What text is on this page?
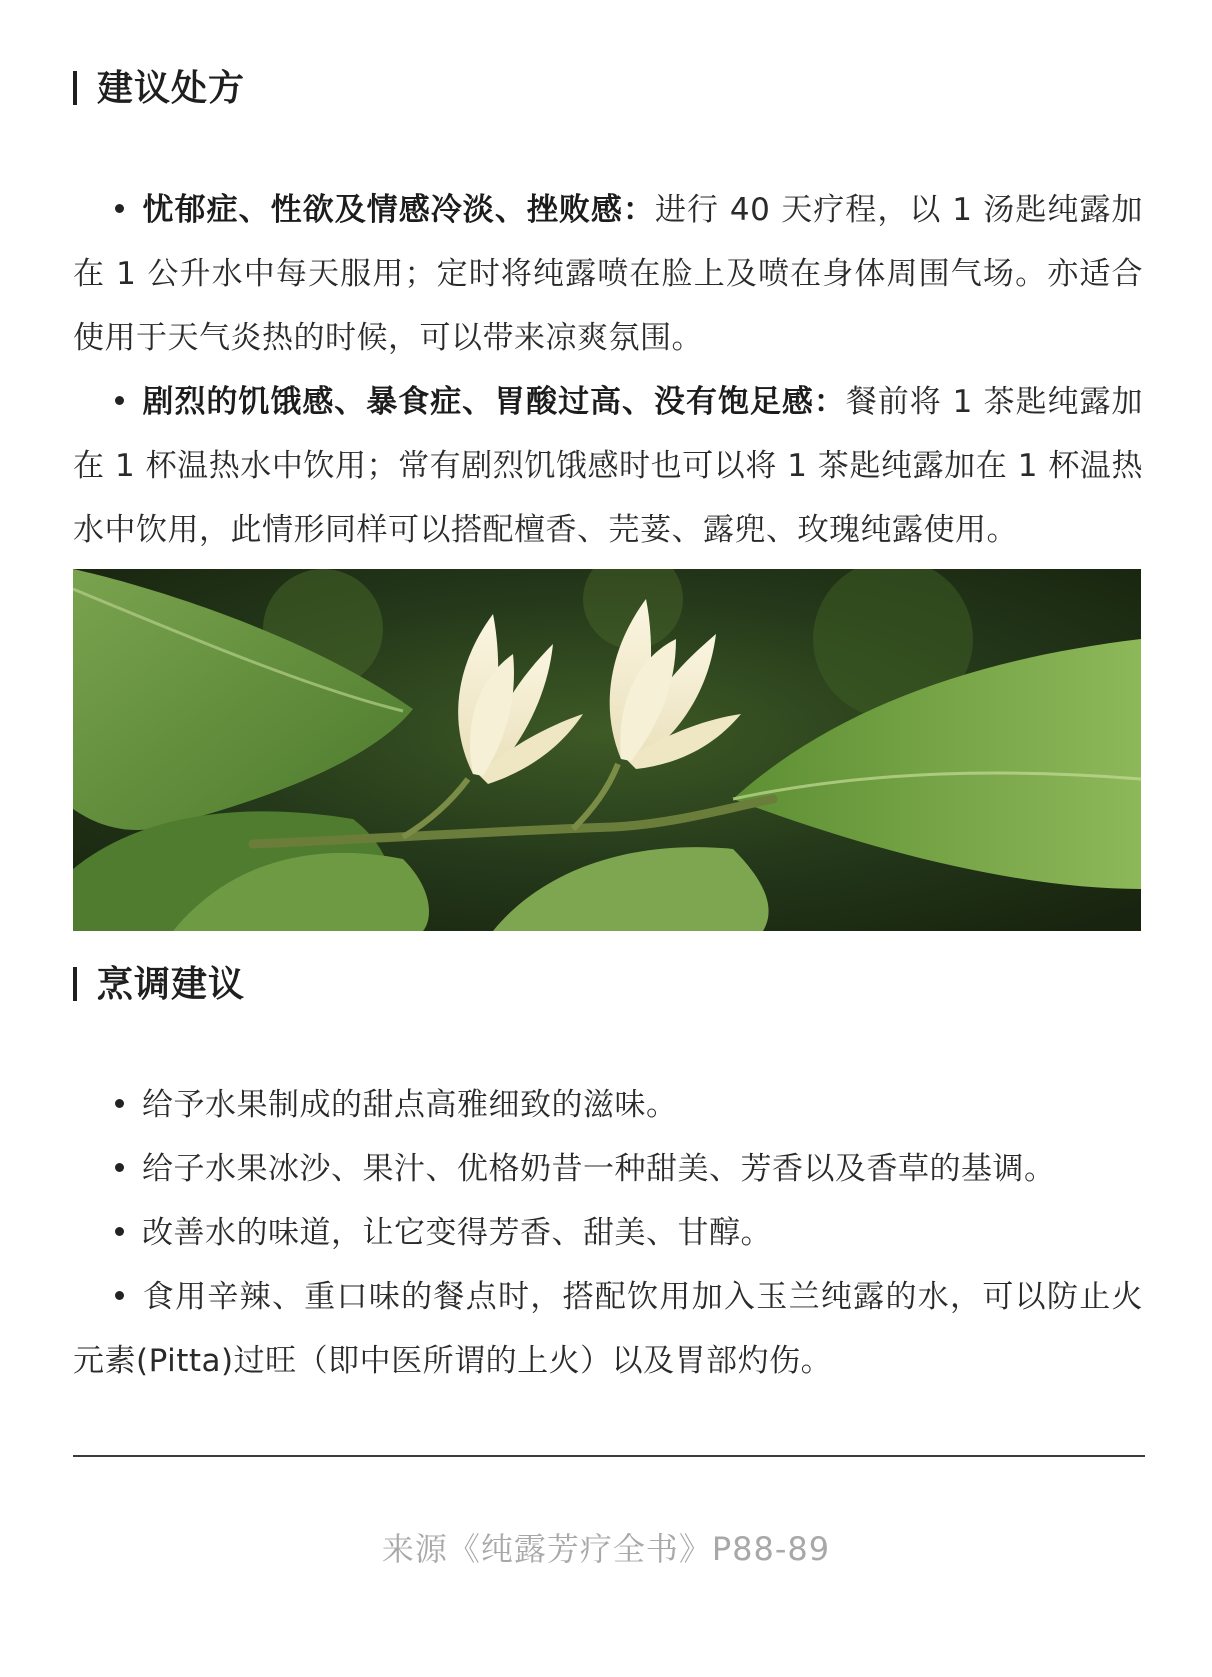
建议处方
忧郁症、性欲及情感冷淡、挫败感：进行 40 天疗程，以 1 汤匙纯露加在 1 公升水中每天服用；定时将纯露喷在脸上及喷在身体周围气场。亦适合使用于天气炎热的时候，可以带来凉爽氛围。
剧烈的饥饿感、暴食症、胃酸过高、没有饱足感：餐前将 1 茶匙纯露加在 1 杯温热水中饮用；常有剧烈饥饿感时也可以将 1 茶匙纯露加在 1 杯温热水中饮用，此情形同样可以搭配檀香、芫荽、露兜、玫瑰纯露使用。
烹调建议
给予水果制成的甜点高雅细致的滋味。
给子水果冰沙、果汁、优格奶昔一种甜美、芳香以及香草的基调。
改善水的味道，让它变得芳香、甜美、甘醇。
食用辛辣、重口味的餐点时，搭配饮用加入玉兰纯露的水，可以防止火元素(Pitta)过旺（即中医所谓的上火）以及胃部灼伤。
来源《纯露芳疗全书》P88-89
